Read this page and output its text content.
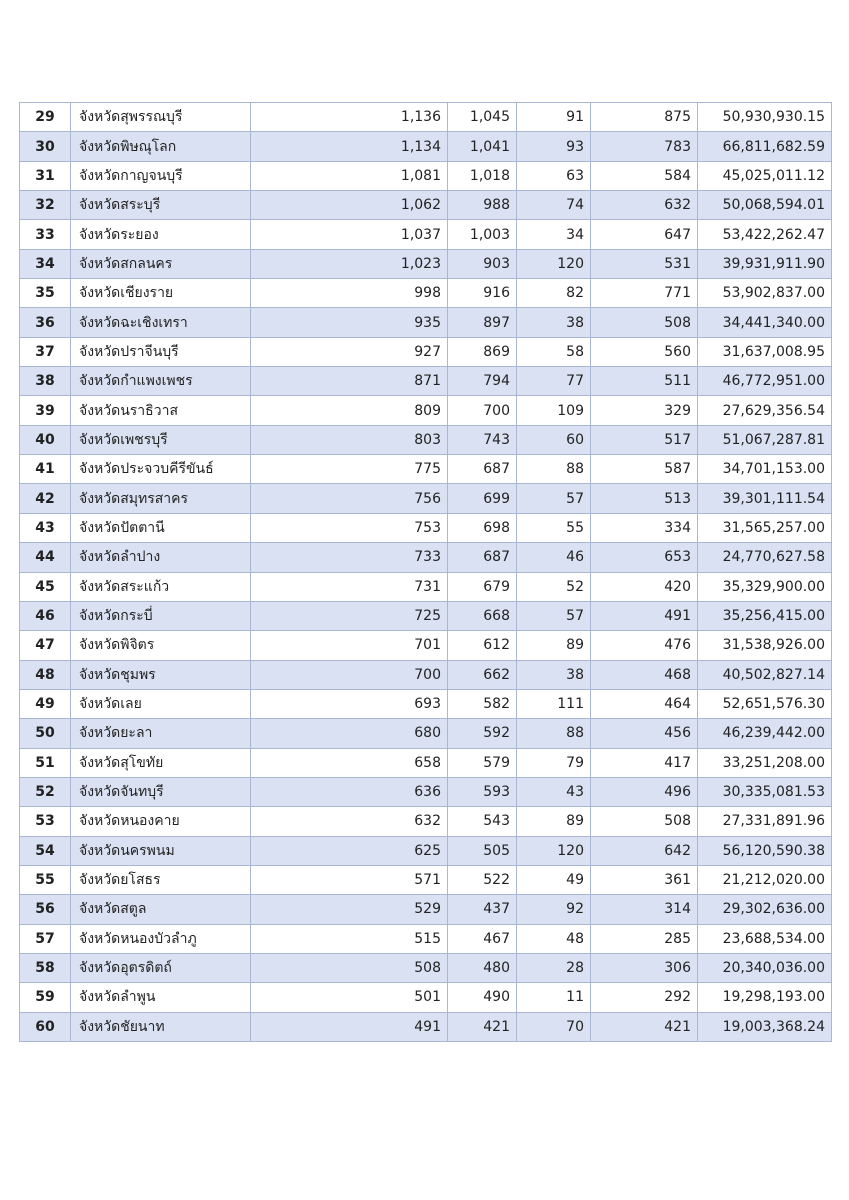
29	จังหวัดสุพรรณบุรี	1,136	1,045	91	875	50,930,930.15
30	จังหวัดพิษณุโลก	1,134	1,041	93	783	66,811,682.59
31	จังหวัดกาญจนบุรี	1,081	1,018	63	584	45,025,011.12
32	จังหวัดสระบุรี	1,062	988	74	632	50,068,594.01
33	จังหวัดระยอง	1,037	1,003	34	647	53,422,262.47
34	จังหวัดสกลนคร	1,023	903	120	531	39,931,911.90
35	จังหวัดเชียงราย	998	916	82	771	53,902,837.00
36	จังหวัดฉะเชิงเทรา	935	897	38	508	34,441,340.00
37	จังหวัดปราจีนบุรี	927	869	58	560	31,637,008.95
38	จังหวัดกำแพงเพชร	871	794	77	511	46,772,951.00
39	จังหวัดนราธิวาส	809	700	109	329	27,629,356.54
40	จังหวัดเพชรบุรี	803	743	60	517	51,067,287.81
41	จังหวัดประจวบคีรีขันธ์	775	687	88	587	34,701,153.00
42	จังหวัดสมุทรสาคร	756	699	57	513	39,301,111.54
43	จังหวัดปัตตานี	753	698	55	334	31,565,257.00
44	จังหวัดลำปาง	733	687	46	653	24,770,627.58
45	จังหวัดสระแก้ว	731	679	52	420	35,329,900.00
46	จังหวัดกระบี่	725	668	57	491	35,256,415.00
47	จังหวัดพิจิตร	701	612	89	476	31,538,926.00
48	จังหวัดชุมพร	700	662	38	468	40,502,827.14
49	จังหวัดเลย	693	582	111	464	52,651,576.30
50	จังหวัดยะลา	680	592	88	456	46,239,442.00
51	จังหวัดสุโขทัย	658	579	79	417	33,251,208.00
52	จังหวัดจันทบุรี	636	593	43	496	30,335,081.53
53	จังหวัดหนองคาย	632	543	89	508	27,331,891.96
54	จังหวัดนครพนม	625	505	120	642	56,120,590.38
55	จังหวัดยโสธร	571	522	49	361	21,212,020.00
56	จังหวัดสตูล	529	437	92	314	29,302,636.00
57	จังหวัดหนองบัวลำภู	515	467	48	285	23,688,534.00
58	จังหวัดอุตรดิตถ์	508	480	28	306	20,340,036.00
59	จังหวัดลำพูน	501	490	11	292	19,298,193.00
60	จังหวัดชัยนาท	491	421	70	421	19,003,368.24
